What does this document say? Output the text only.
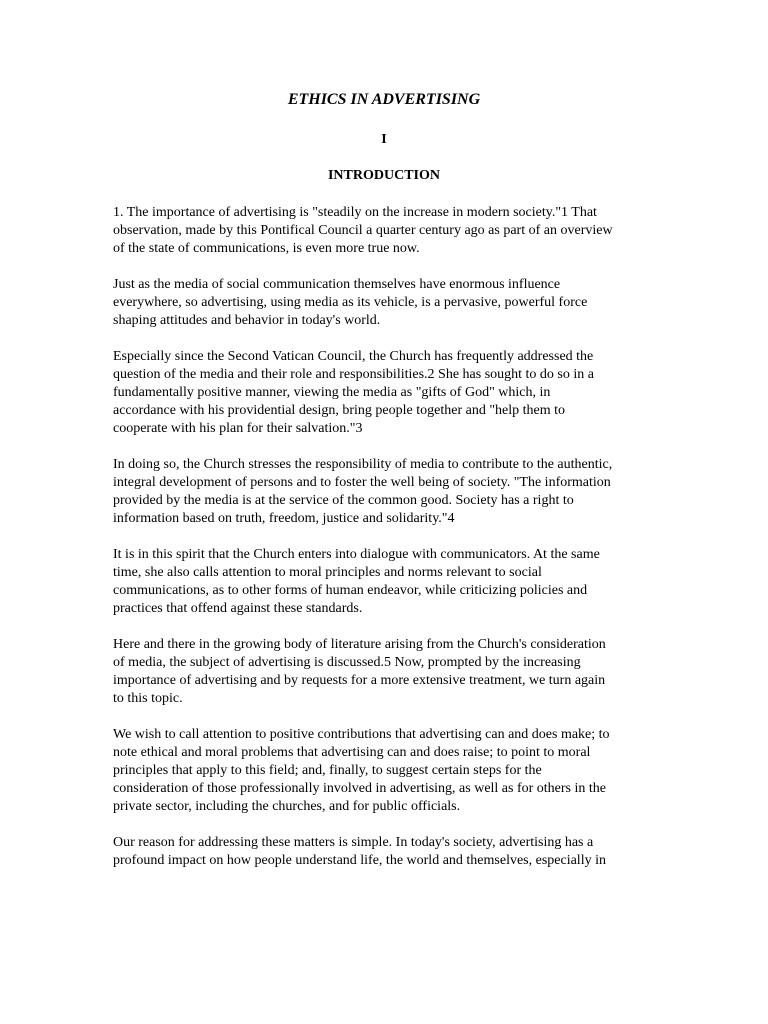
ETHICS IN ADVERTISING
I
INTRODUCTION

1. The importance of advertising is "steadily on the increase in modern society."1 That
observation, made by this Pontifical Council a quarter century ago as part of an overview
of the state of communications, is even more true now.

Just as the media of social communication themselves have enormous influence
everywhere, so advertising, using media as its vehicle, is a pervasive, powerful force
shaping attitudes and behavior in today's world.

Especially since the Second Vatican Council, the Church has frequently addressed the
question of the media and their role and responsibilities.2 She has sought to do so in a
fundamentally positive manner, viewing the media as "gifts of God" which, in
accordance with his providential design, bring people together and "help them to
cooperate with his plan for their salvation."3

In doing so, the Church stresses the responsibility of media to contribute to the authentic,
integral development of persons and to foster the well being of society. "The information
provided by the media is at the service of the common good. Society has a right to
information based on truth, freedom, justice and solidarity."4

It is in this spirit that the Church enters into dialogue with communicators. At the same
time, she also calls attention to moral principles and norms relevant to social
communications, as to other forms of human endeavor, while criticizing policies and
practices that offend against these standards.

Here and there in the growing body of literature arising from the Church's consideration
of media, the subject of advertising is discussed.5 Now, prompted by the increasing
importance of advertising and by requests for a more extensive treatment, we turn again
to this topic.

We wish to call attention to positive contributions that advertising can and does make; to
note ethical and moral problems that advertising can and does raise; to point to moral
principles that apply to this field; and, finally, to suggest certain steps for the
consideration of those professionally involved in advertising, as well as for others in the
private sector, including the churches, and for public officials.

Our reason for addressing these matters is simple. In today's society, advertising has a
profound impact on how people understand life, the world and themselves, especially in
